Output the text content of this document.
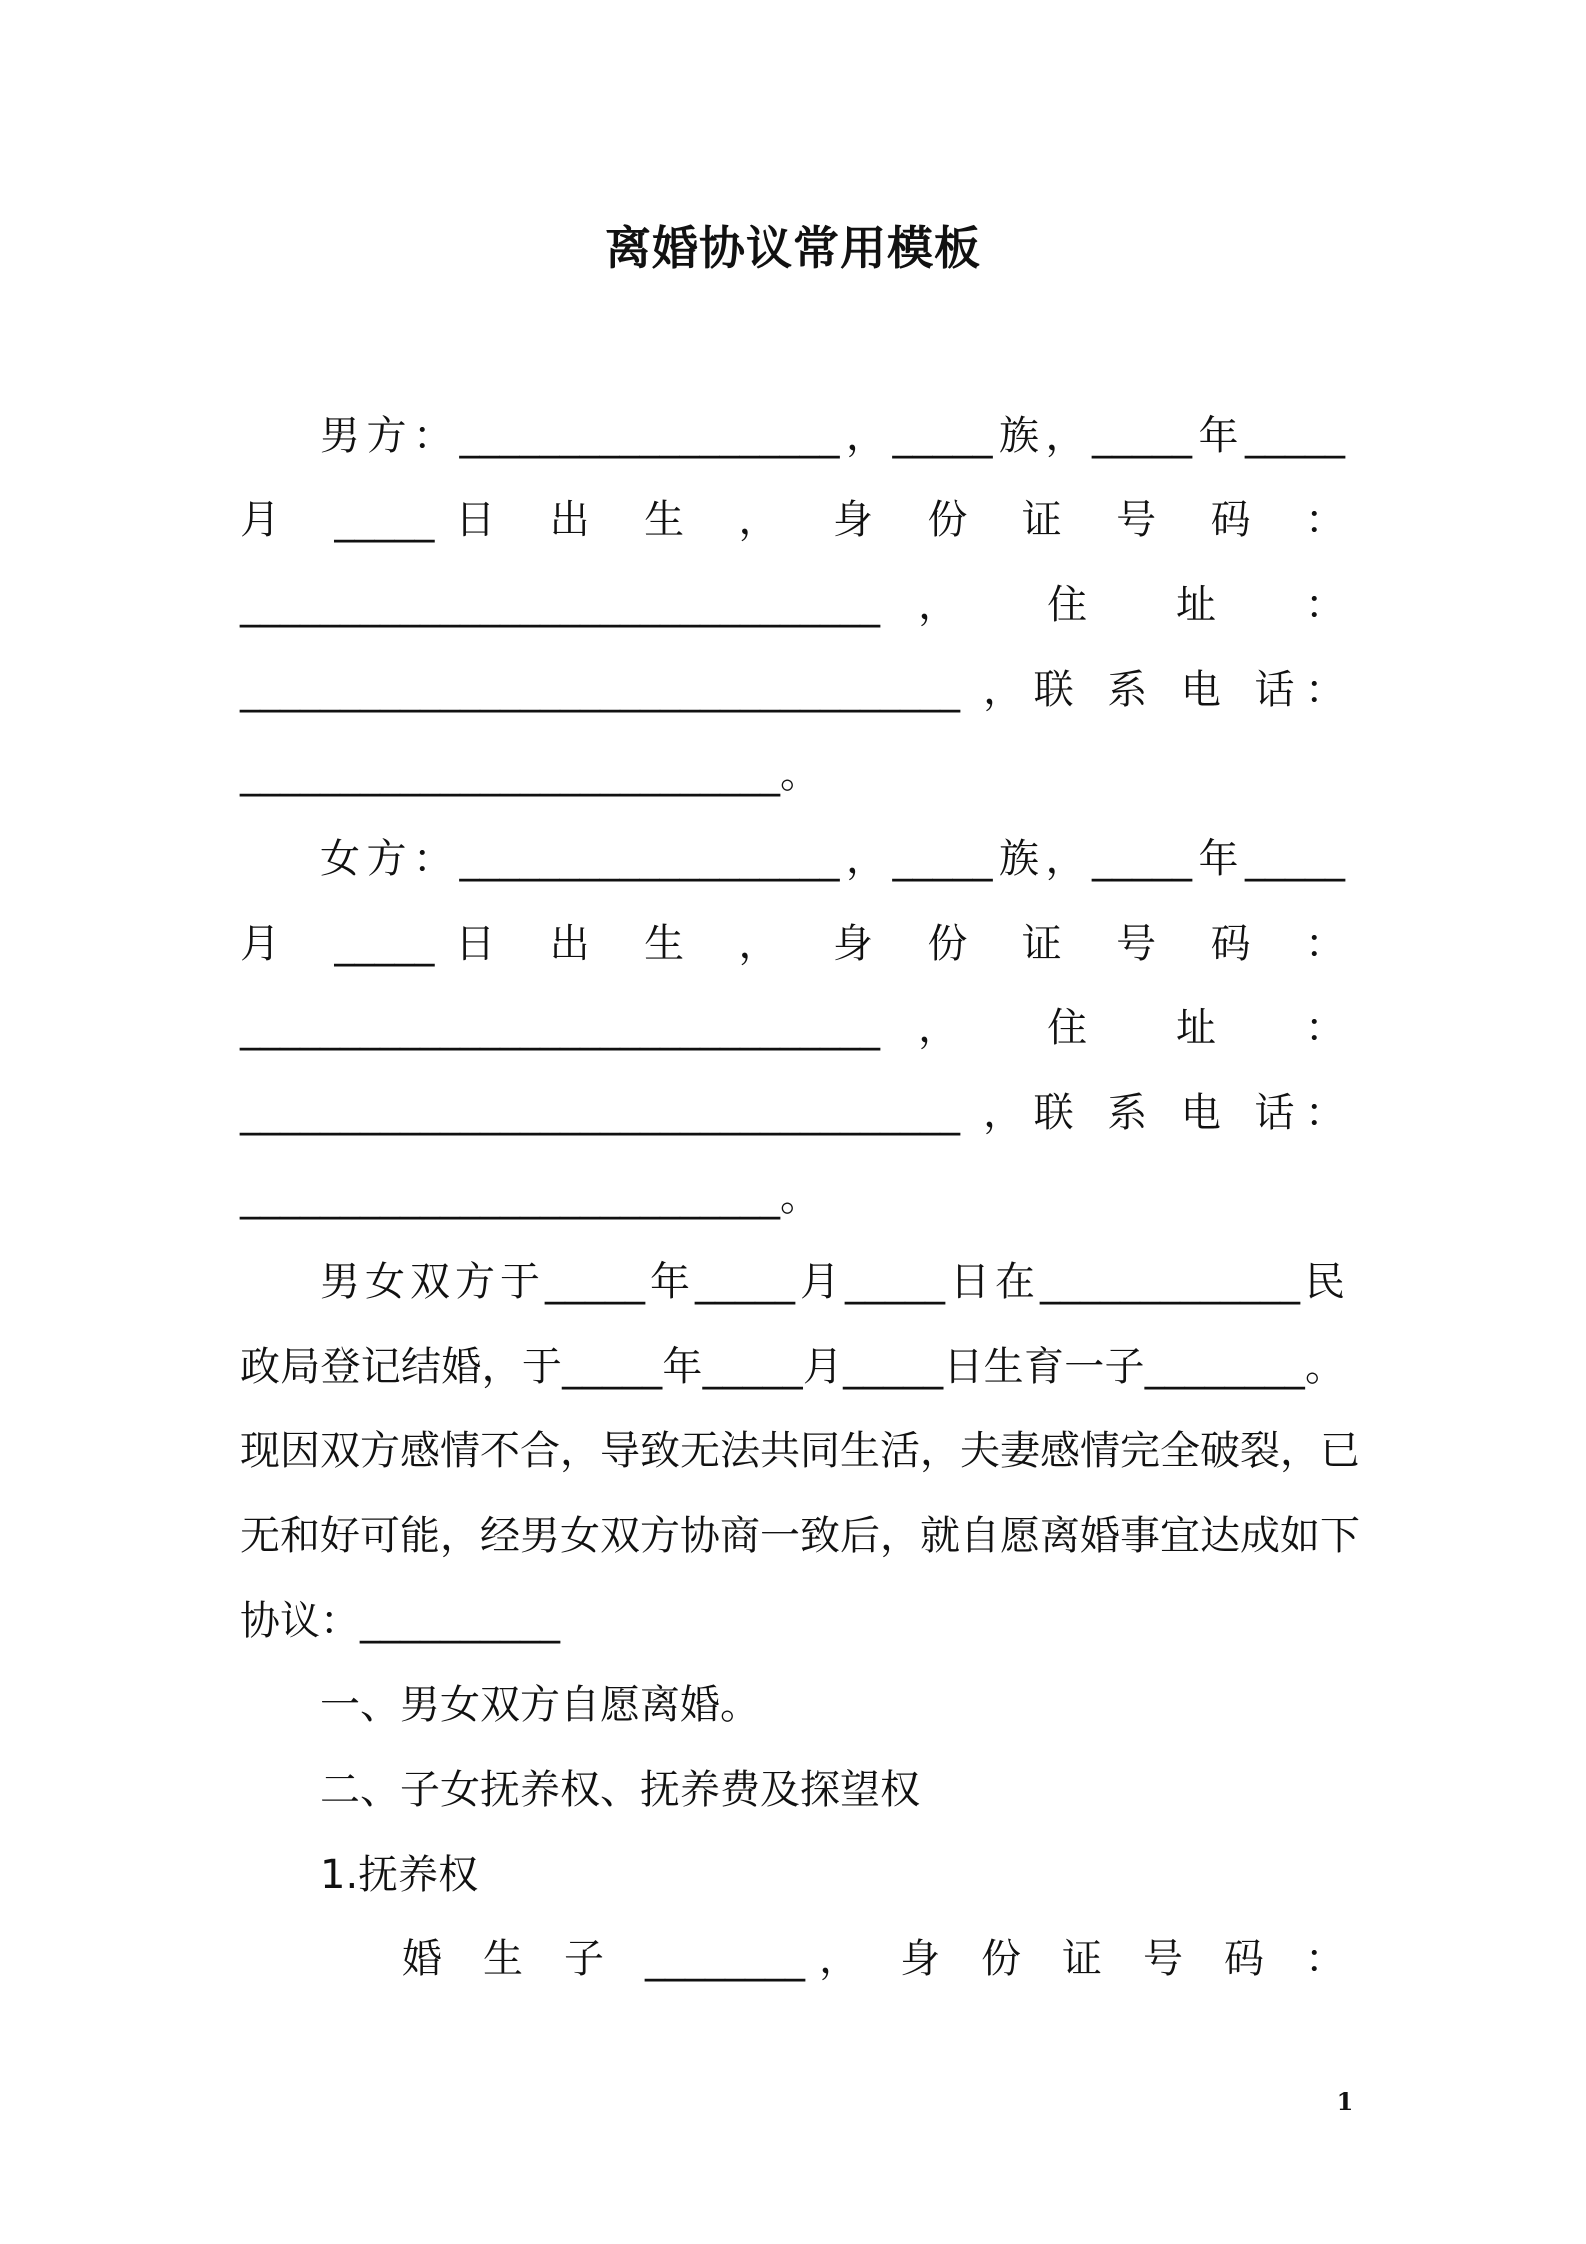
离婚协议常用模板
男方：___________________，_____族，_____年_____
月 _____日 出 生 ， 身 份 证 号 码 ：
________________________________， 住 址 ：
____________________________________ ，联 系 电 话：
___________________________。
女方：___________________，_____族，_____年_____
月 _____日 出 生 ， 身 份 证 号 码 ：
________________________________， 住 址 ：
____________________________________ ，联 系 电 话：
___________________________。
男女双方于_____年_____月_____日在_____________民
政局登记结婚，于_____年_____月_____日生育一子________。
现因双方感情不合，导致无法共同生活，夫妻感情完全破裂，已
无和好可能，经男女双方协商一致后，就自愿离婚事宜达成如下
协议：__________
一、男女双方自愿离婚。
二、子女抚养权、抚养费及探望权
1.抚养权
婚 生 子 ________， 身 份 证 号 码 ：
1
